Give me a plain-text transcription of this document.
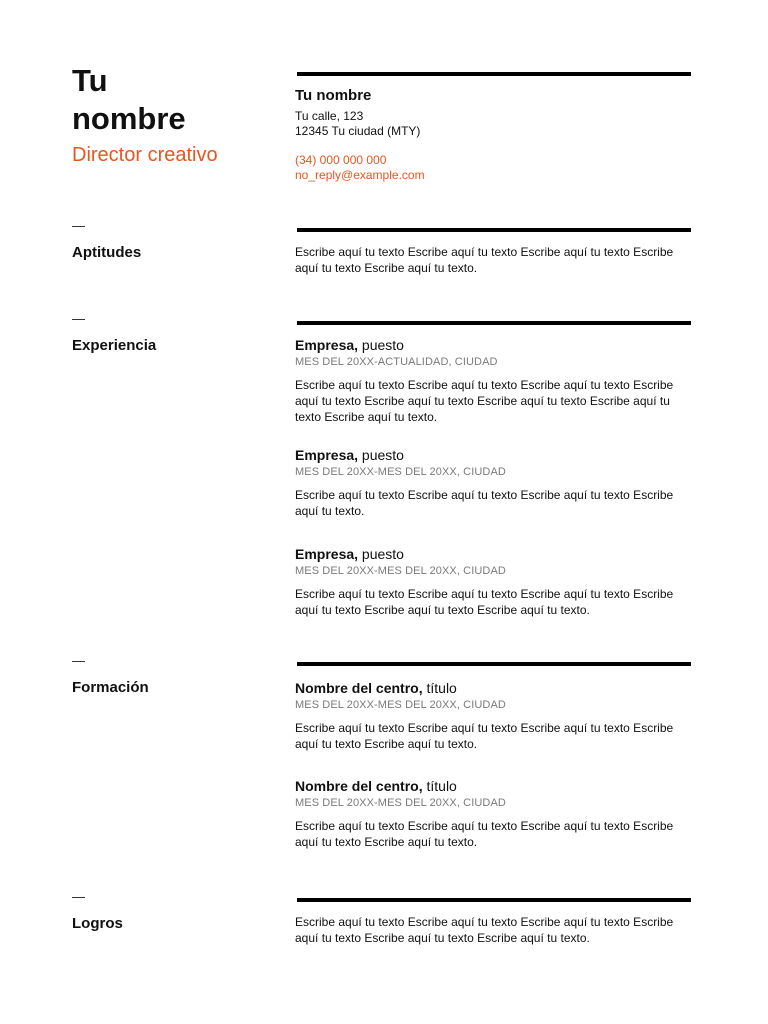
Tu
nombre
Director creativo
Tu nombre
Tu calle, 123
12345 Tu ciudad (MTY)
(34) 000 000 000
no_reply@example.com
—
Aptitudes	Escribe aquí tu texto Escribe aquí tu texto Escribe aquí tu texto Escribe aquí tu texto Escribe aquí tu texto.
—
Experiencia	Empresa, puesto
MES DEL 20XX-ACTUALIDAD, CIUDAD
Escribe aquí tu texto Escribe aquí tu texto Escribe aquí tu texto Escribe aquí tu texto Escribe aquí tu texto Escribe aquí tu texto Escribe aquí tu texto Escribe aquí tu texto.
Empresa, puesto
MES DEL 20XX-MES DEL 20XX, CIUDAD
Escribe aquí tu texto Escribe aquí tu texto Escribe aquí tu texto Escribe aquí tu texto.
Empresa, puesto
MES DEL 20XX-MES DEL 20XX, CIUDAD
Escribe aquí tu texto Escribe aquí tu texto Escribe aquí tu texto Escribe aquí tu texto Escribe aquí tu texto Escribe aquí tu texto.
—
Formación	Nombre del centro, título
MES DEL 20XX-MES DEL 20XX, CIUDAD
Escribe aquí tu texto Escribe aquí tu texto Escribe aquí tu texto Escribe aquí tu texto Escribe aquí tu texto.
Nombre del centro, título
MES DEL 20XX-MES DEL 20XX, CIUDAD
Escribe aquí tu texto Escribe aquí tu texto Escribe aquí tu texto Escribe aquí tu texto Escribe aquí tu texto.
—
Logros	Escribe aquí tu texto Escribe aquí tu texto Escribe aquí tu texto Escribe aquí tu texto Escribe aquí tu texto Escribe aquí tu texto.
